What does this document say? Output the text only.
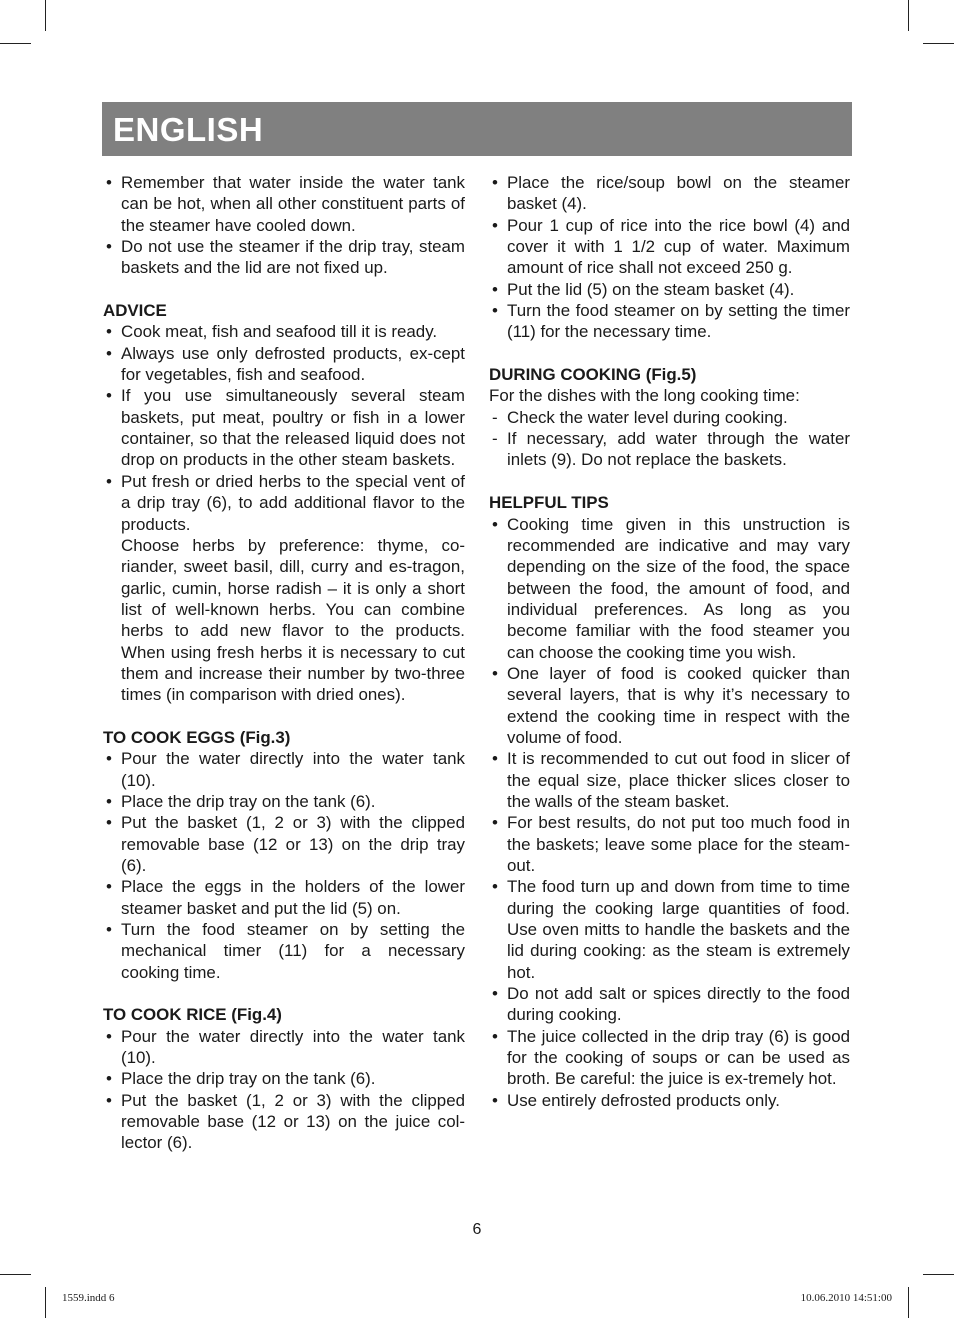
ENGLISH
• Remember that water inside the water tank can be hot, when all other constituent parts of the steamer have cooled down.
• Do not use the steamer if the drip tray, steam baskets and the lid are not fixed up.
ADVICE
• Cook meat, fish and seafood till it is ready.
• Always use only defrosted products, ex-cept for vegetables, fish and seafood.
• If you use simultaneously several steam baskets, put meat, poultry or fish in a lower container, so that the released liquid does not drop on products in the other steam baskets.
• Put fresh or dried herbs to the special vent of a drip tray (6), to add additional flavor to the products.
Choose herbs by preference: thyme, co-riander, sweet basil, dill, curry and es-tragon, garlic, cumin, horse radish – it is only a short list of well-known herbs. You can combine herbs to add new flavor to the products. When using fresh herbs it is necessary to cut them and increase their number by two-three times (in comparison with dried ones).
TO COOK EGGS (Fig.3)
• Pour the water directly into the water tank (10).
• Place the drip tray on the tank (6).
• Put the basket (1, 2 or 3) with the clipped removable base (12 or 13) on the drip tray (6).
• Place the eggs in the holders of the lower steamer basket and put the lid (5) on.
• Turn the food steamer on by setting the mechanical timer (11) for a necessary cooking time.
TO COOK RICE (Fig.4)
• Pour the water directly into the water tank (10).
• Place the drip tray on the tank (6).
• Put the basket (1, 2 or 3) with the clipped removable base (12 or 13) on the juice col-lector (6).
• Place the rice/soup bowl on the steamer basket (4).
• Pour 1 cup of rice into the rice bowl (4) and cover it with 1 1/2 cup of water. Maximum amount of rice shall not exceed 250 g.
• Put the lid (5) on the steam basket (4).
• Turn the food steamer on by setting the timer (11) for the necessary time.
DURING COOKING (Fig.5)
For the dishes with the long cooking time:
- Check the water level during cooking.
- If necessary, add water through the water inlets (9). Do not replace the baskets.
HELPFUL TIPS
• Cooking time given in this unstruction is recommended are indicative and may vary depending on the size of the food, the space between the food, the amount of food, and individual preferences. As long as you become familiar with the food steamer you can choose the cooking time you wish.
• One layer of food is cooked quicker than several layers, that is why it’s necessary to extend the cooking time in respect with the volume of food.
• It is recommended to cut out food in slicer of the equal size, place thicker slices closer to the walls of the steam basket.
• For best results, do not put too much food in the baskets; leave some place for the steam-out.
• The food turn up and down from time to time during the cooking large quantities of food. Use oven mitts to handle the baskets and the lid during cooking: as the steam is extremely hot.
• Do not add salt or spices directly to the food during cooking.
• The juice collected in the drip tray (6) is good for the cooking of soups or can be used as broth. Be careful: the juice is ex-tremely hot.
• Use entirely defrosted products only.
6
1559.indd 6	10.06.2010 14:51:00
